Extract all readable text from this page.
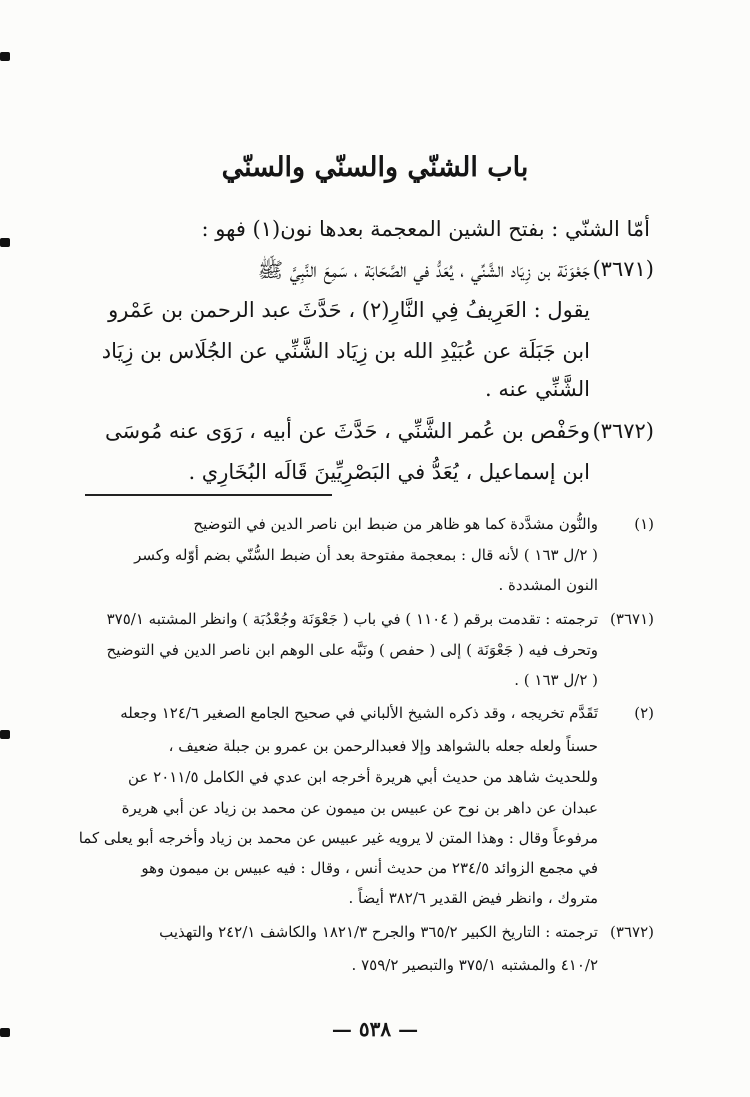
باب الشنّي والسنّي والسنّي
أمّا الشنّي : بفتح الشين المعجمة بعدها نون(١) فهو :
(٣٦٧١)
جَعْوَنَة بن زِيَاد الشَّنِّي ، يُعَدُّ في الصَّحَابَة ، سَمِعَ النَّبِيَّ ﷺ
يقول : العَرِيفُ فِي النَّارِ(٢) ، حَدَّثَ عبد الرحمن بن عَمْرو
ابن جَبَلَة عن عُبَيْدِ الله بن زِيَاد الشَّنِّي عن الجُلَاس بن زِيَاد
الشَّنِّي عنه .
(٣٦٧٢)
وحَفْص بن عُمر الشَّنِّي ، حَدَّثَ عن أبيه ، رَوَى عنه مُوسَى
ابن إسماعيل ، يُعَدُّ في البَصْرِيِّينَ قَالَه البُخَارِي .
(١)
والنُّون مشدَّدة كما هو ظاهر من ضبط ابن ناصر الدين في التوضيح
( ٢/ل ١٦٣ ) لأنه قال : بمعجمة مفتوحة بعد أن ضبط السُّنّي بضم أوّله وكسر
النون المشددة .
(٣٦٧١)
ترجمته : تقدمت برقم ( ١١٠٤ ) في باب ( جَعْوَنَة وجُعْدُبَة ) وانظر المشتبه ٣٧٥/١
وتحرف فيه ( جَعْوَنَة ) إلى ( حفص ) ونَبَّه على الوهم ابن ناصر الدين في التوضيح
( ٢/ل ١٦٣ ) .
(٢)
تَقَدَّم تخريجه ، وقد ذكره الشيخ الألباني في صحيح الجامع الصغير ١٢٤/٦ وجعله
حسناً ولعله جعله بالشواهد وإلا فعبدالرحمن بن عمرو بن جبلة ضعيف ،
وللحديث شاهد من حديث أبي هريرة أخرجه ابن عدي في الكامل ٢٠١١/٥ عن
عبدان عن داهر بن نوح عن عبيس بن ميمون عن محمد بن زياد عن أبي هريرة
مرفوعاً وقال : وهذا المتن لا يرويه غير عبيس عن محمد بن زياد وأخرجه أبو يعلى كما
في مجمع الزوائد ٢٣٤/٥ من حديث أنس ، وقال : فيه عبيس بن ميمون وهو
متروك ، وانظر فيض القدير ٣٨٢/٦ أيضاً .
(٣٦٧٢)
ترجمته : التاريخ الكبير ٣٦٥/٢ والجرح ١٨٢١/٣ والكاشف ٢٤٢/١ والتهذيب
٤١٠/٢ والمشتبه ٣٧٥/١ والتبصير ٧٥٩/٢ .
— ٥٣٨ —
